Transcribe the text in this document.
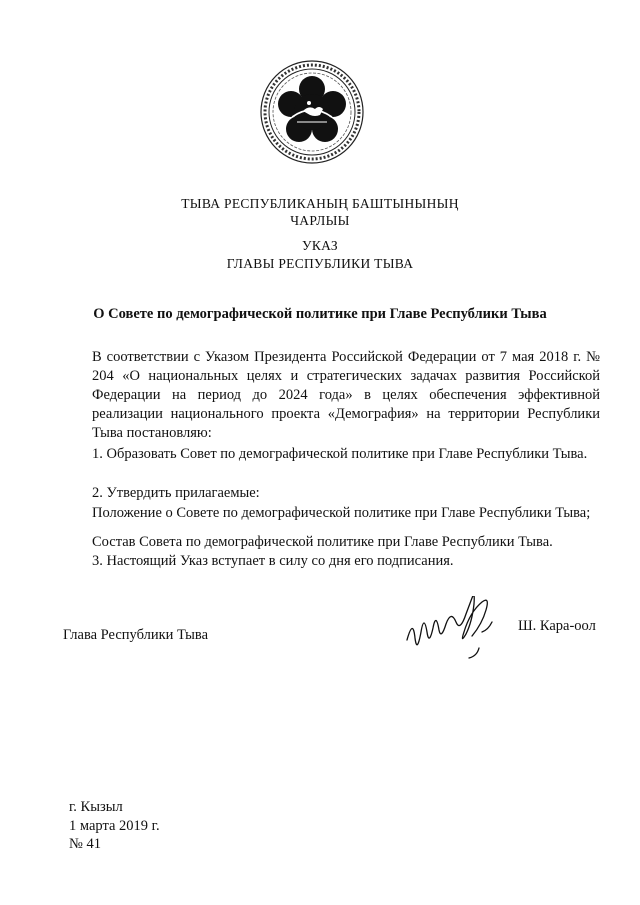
ТЫВА РЕСПУБЛИКАНЫҢ БАШТЫНЫНЫҢ
ЧАРЛЫЫ
УКАЗ
ГЛАВЫ РЕСПУБЛИКИ ТЫВА
О Совете по демографической политике при Главе Республики Тыва
В соответствии с Указом Президента Российской Федерации от 7 мая 2018 г. № 204 «О национальных целях и стратегических задачах развития Российской Федерации на период до 2024 года» в целях обеспечения эффективной реализации национального проекта «Демография» на территории Республики Тыва постановляю:
1. Образовать Совет по демографической политике при Главе Республики Тыва.
2. Утвердить прилагаемые:
Положение о Совете по демографической политике при Главе Республики Тыва;
Состав Совета по демографической политике при Главе Республики Тыва.
3. Настоящий Указ вступает в силу со дня его подписания.
Глава Республики Тыва
Ш. Кара-оол
г. Кызыл
1 марта 2019 г.
№ 41
